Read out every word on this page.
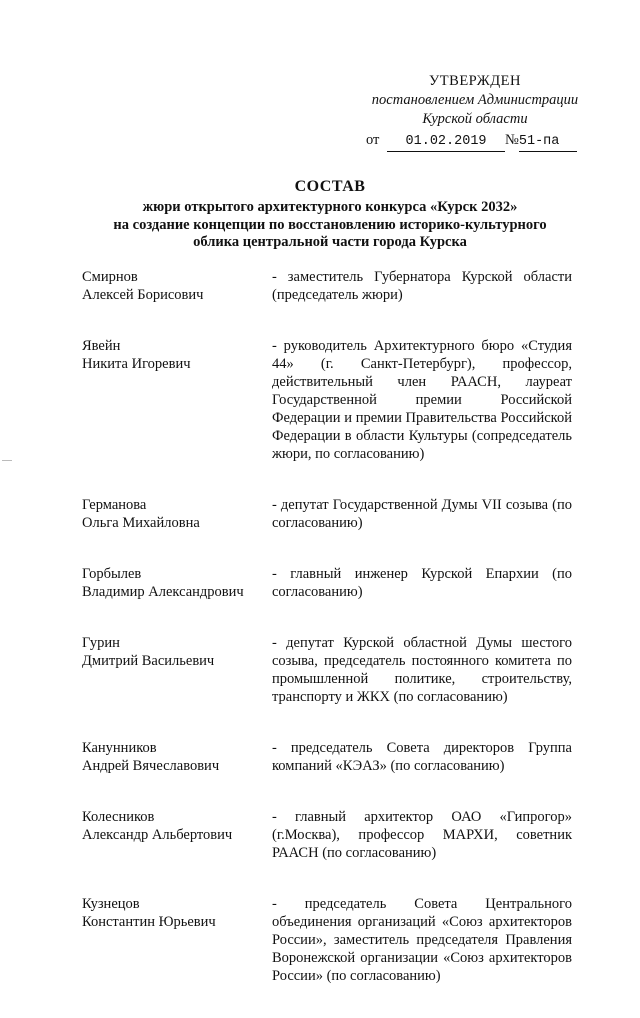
УТВЕРЖДЕН
постановлением Администрации
Курской области
от 01.02.2019 №51-па
СОСТАВ
жюри открытого архитектурного конкурса «Курск 2032»
на создание концепции по восстановлению историко-культурного
облика центральной части города Курска
Смирнов
Алексей Борисович
- заместитель Губернатора Курской области (председатель жюри)
Явейн
Никита Игоревич
- руководитель Архитектурного бюро «Студия 44» (г. Санкт-Петербург), профессор, действительный член РААСН, лауреат Государственной премии Российской Федерации и премии Правительства Российской Федерации в области Культуры (сопредседатель жюри, по согласованию)
Германова
Ольга Михайловна
- депутат Государственной Думы VII созыва (по согласованию)
Горбылев
Владимир Александрович
- главный инженер Курской Епархии (по согласованию)
Гурин
Дмитрий Васильевич
- депутат Курской областной Думы шестого созыва, председатель постоянного комитета по промышленной политике, строительству, транспорту и ЖКХ (по согласованию)
Канунников
Андрей Вячеславович
- председатель Совета директоров Группа компаний «КЭАЗ» (по согласованию)
Колесников
Александр Альбертович
- главный архитектор ОАО «Гипрогор» (г.Москва), профессор МАРХИ, советник РААСН (по согласованию)
Кузнецов
Константин Юрьевич
- председатель Совета Центрального объединения организаций «Союз архитекторов России», заместитель председателя Правления Воронежской организации «Союз архитекторов России» (по согласованию)
